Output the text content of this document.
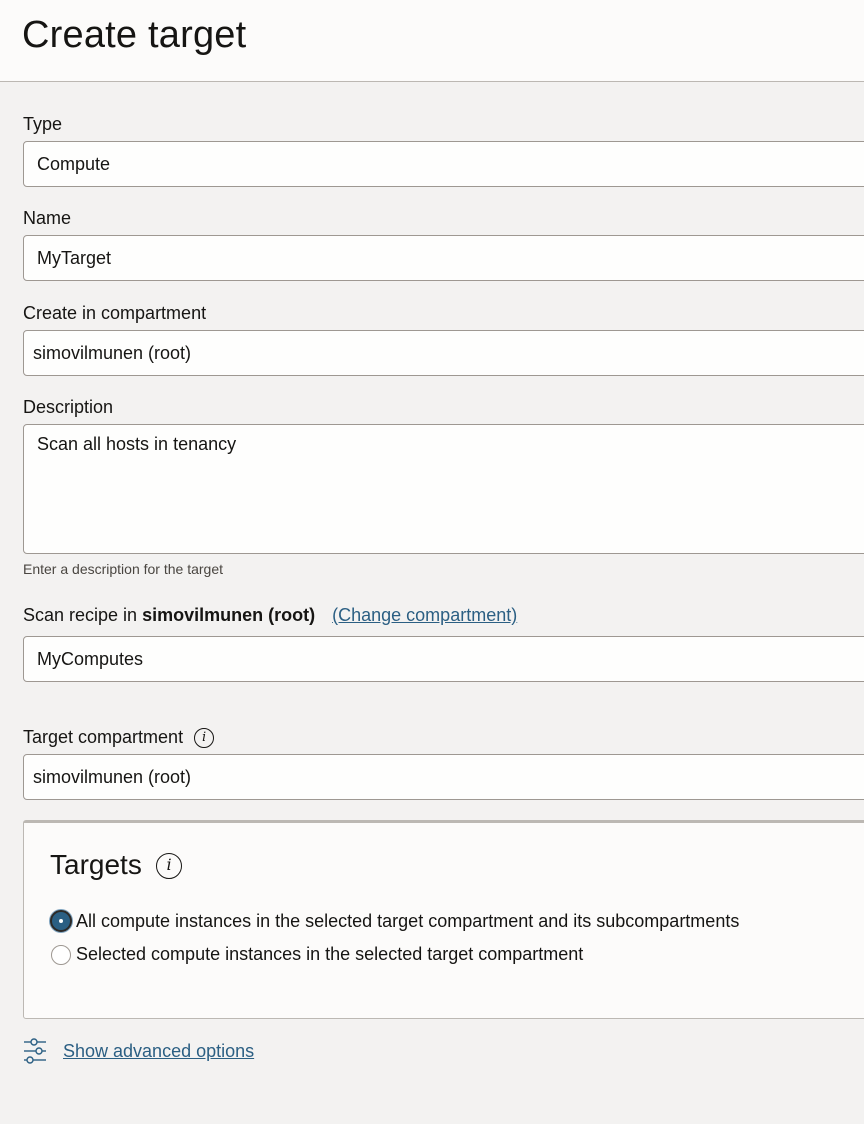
Create target
Type
Compute
Name
MyTarget
Create in compartment
simovilmunen (root)
Description
Scan all hosts in tenancy
Enter a description for the target
Scan recipe in simovilmunen (root) (Change compartment)
MyComputes
Target compartment	i
simovilmunen (root)
Targets	i
All compute instances in the selected target compartment and its subcompartments
Selected compute instances in the selected target compartment
Show advanced options
